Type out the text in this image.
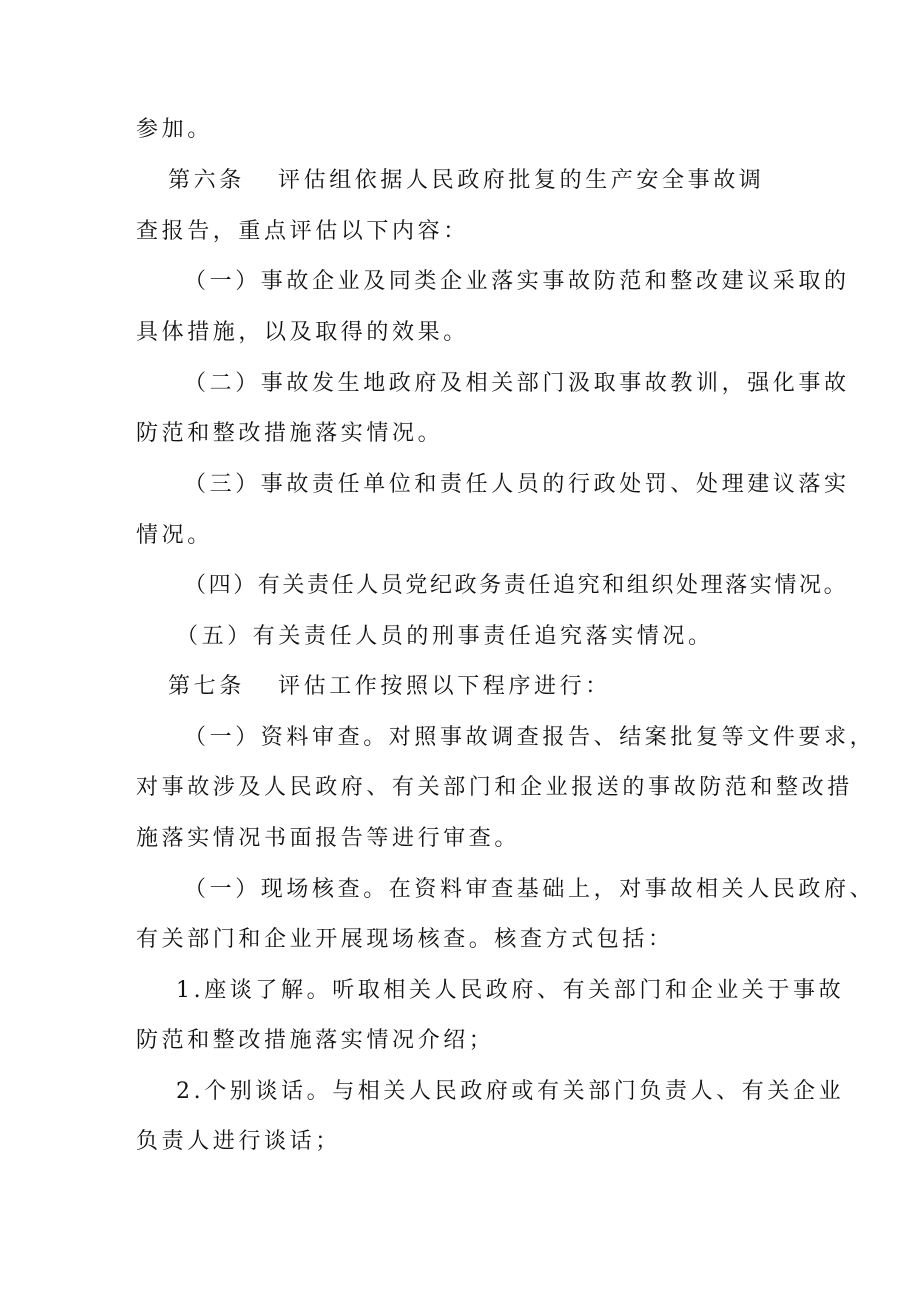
参加。
第六条 评估组依据人民政府批复的生产安全事故调
查报告，重点评估以下内容：
（一）事故企业及同类企业落实事故防范和整改建议采取的
具体措施，以及取得的效果。
（二）事故发生地政府及相关部门汲取事故教训，强化事故
防范和整改措施落实情况。
（三）事故责任单位和责任人员的行政处罚、处理建议落实
情况。
（四）有关责任人员党纪政务责任追究和组织处理落实情况。
（五）有关责任人员的刑事责任追究落实情况。
第七条 评估工作按照以下程序进行：
（一）资料审查。对照事故调查报告、结案批复等文件要求，
对事故涉及人民政府、有关部门和企业报送的事故防范和整改措
施落实情况书面报告等进行审查。
（一）现场核查。在资料审查基础上，对事故相关人民政府、
有关部门和企业开展现场核查。核查方式包括：
1.座谈了解。听取相关人民政府、有关部门和企业关于事故
防范和整改措施落实情况介绍；
2.个别谈话。与相关人民政府或有关部门负责人、有关企业
负责人进行谈话；
